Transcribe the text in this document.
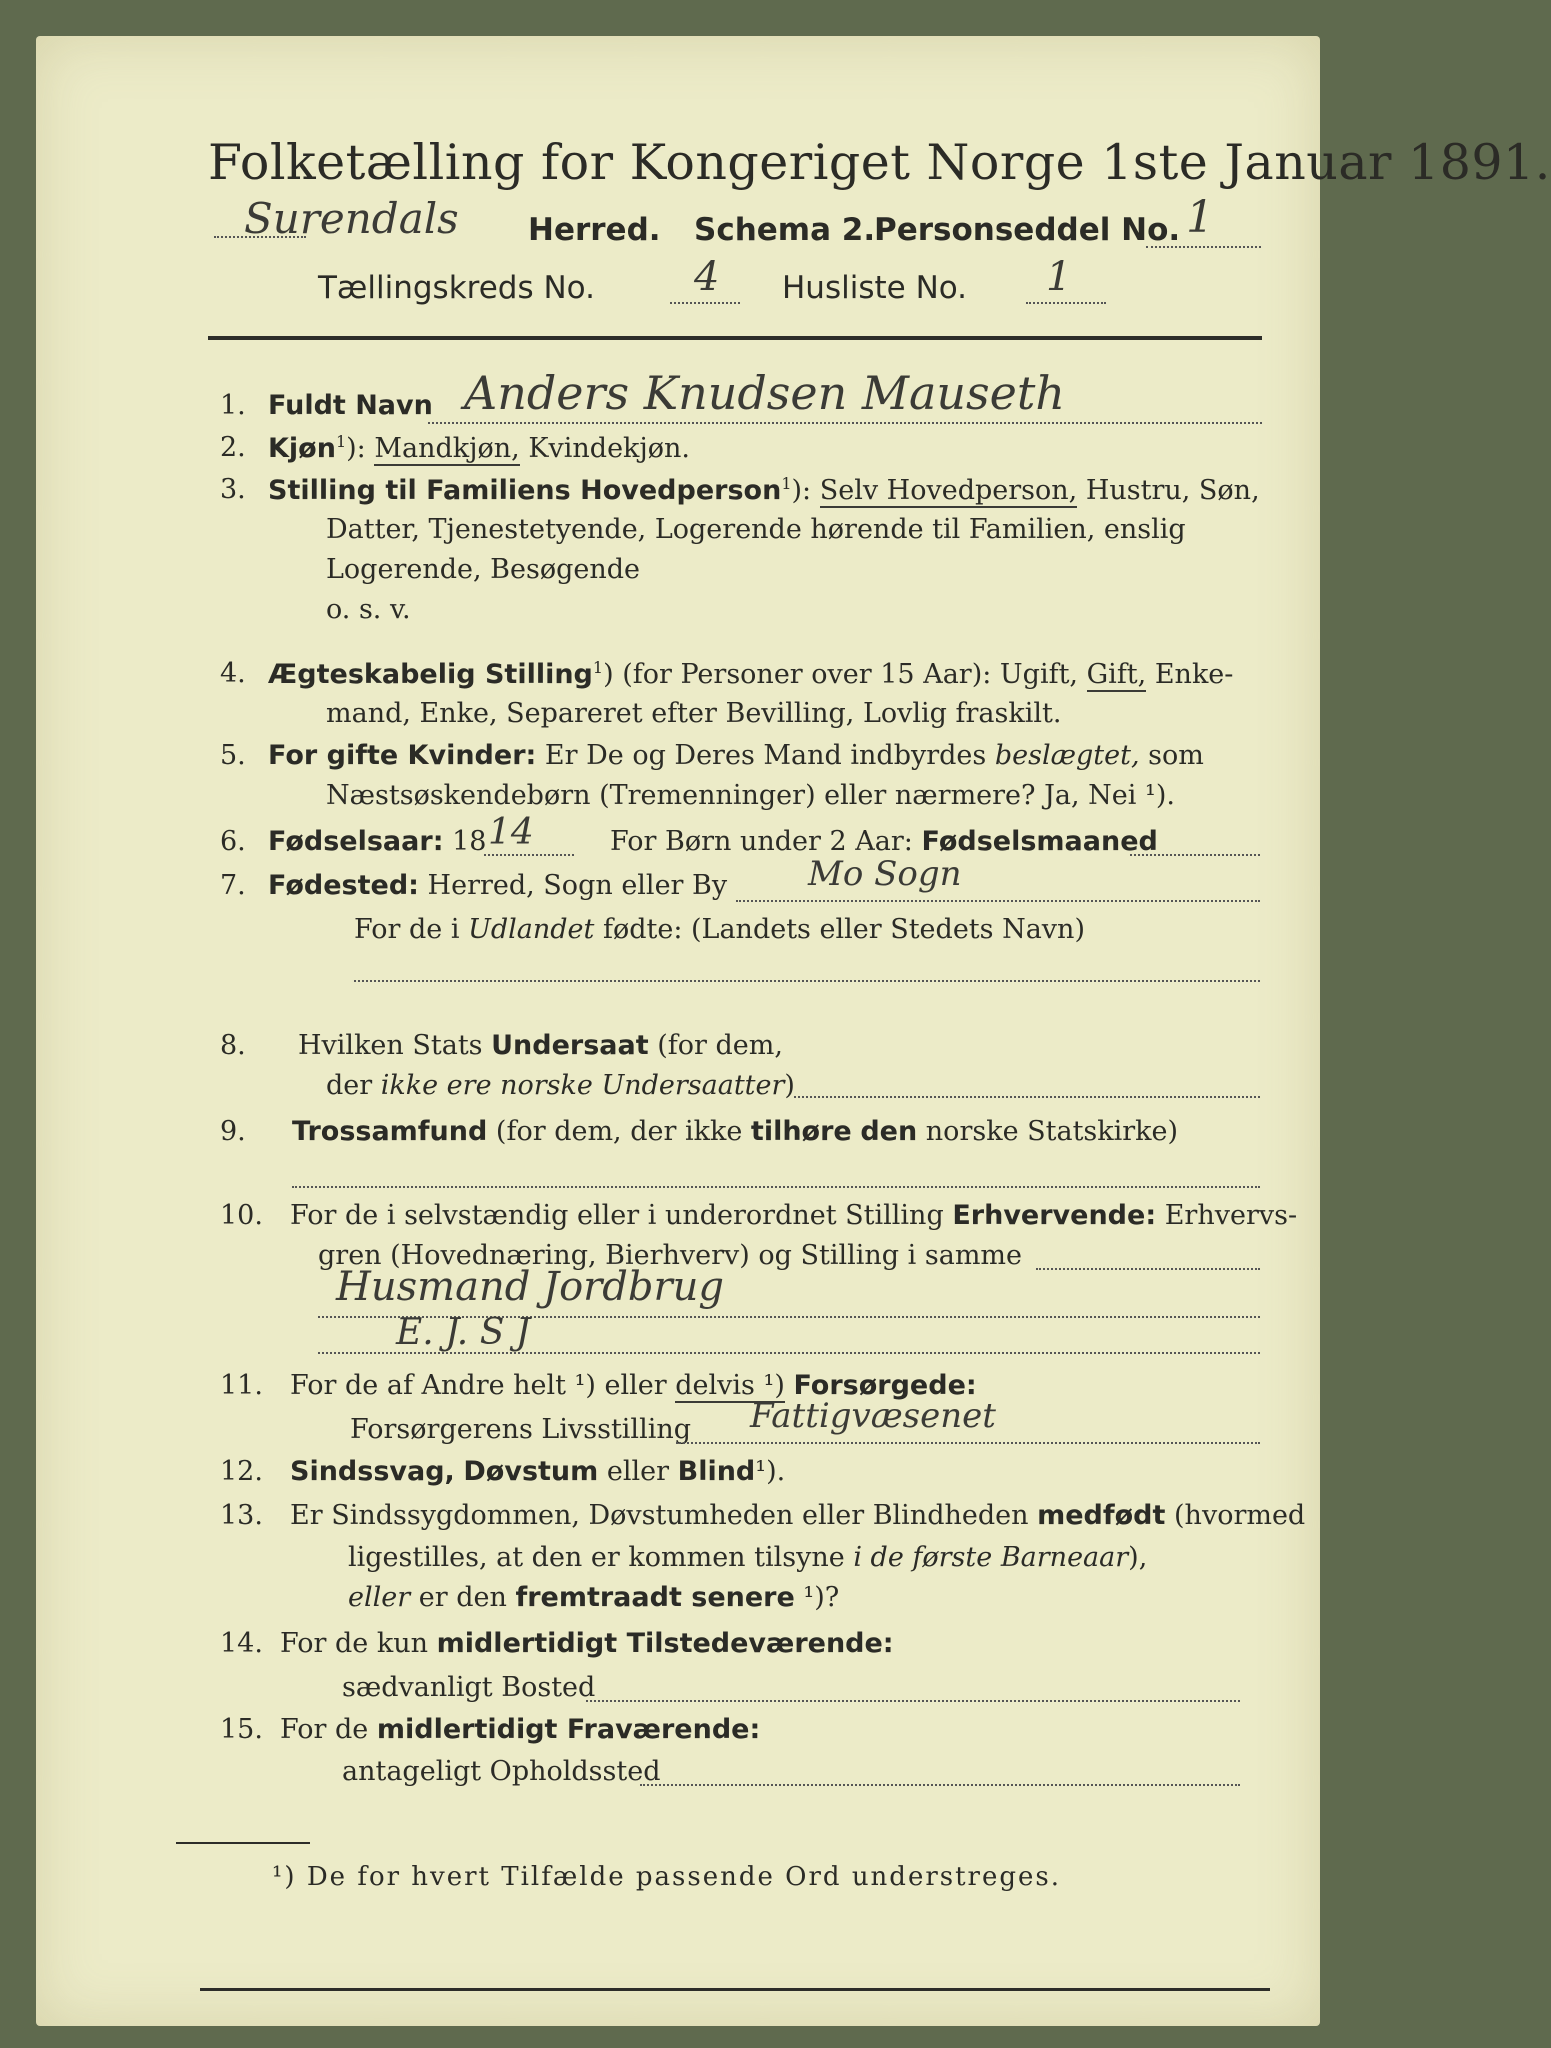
Folketælling for Kongeriget Norge 1ste Januar 1891.
Surendals Herred. Schema 2.
Personseddel No. 1
Tællingskreds No. 4 Husliste No. 1
1. Fuldt Navn Anders Knudsen Mauseth
2. Kjøn$^1$): Mandkjøn, Kvindekjøn.
3. Stilling til Familiens Hovedperson$^1$): Selv Hovedperson, Hustru, Søn,
Datter, Tjenestetyende, Logerende hørende til Familien, enslig
Logerende, Besøgende
o. s. v.
4. Ægteskabelig Stilling$^1$) (for Personer over 15 Aar): Ugift, Gift, Enke-
mand, Enke, Separeret efter Bevilling, Lovlig fraskilt.
5. For gifte Kvinder: Er De og Deres Mand indbyrdes beslægtet, som
Næstsøskendebørn (Tremenninger) eller nærmere? Ja, Nei ¹).
6. Fødselsaar: 18 14	For Børn under 2 Aar: Fødselsmaaned
7. Fødested: Herred, Sogn eller By Mo Sogn
For de i Udlandet fødte: (Landets eller Stedets Navn)
8. Hvilken Stats Undersaat (for dem,
der ikke ere norske Undersaatter)
9. Trossamfund (for dem, der ikke tilhøre den norske Statskirke)
10. For de i selvstændig eller i underordnet Stilling Erhvervende: Erhvervs-
gren (Hovednæring, Bierhverv) og Stilling i samme
Husmand Jordbrug
E. J. S J
11. For de af Andre helt ¹) eller delvis ¹) Forsørgede:
Forsørgerens Livsstilling Fattigvæsenet
12. Sindssvag, Døvstum eller Blind¹).
13. Er Sindssygdommen, Døvstumheden eller Blindheden medfødt (hvormed
ligestilles, at den er kommen tilsyne i de første Barneaar),
eller er den fremtraadt senere ¹)?
14. For de kun midlertidigt Tilstedeværende:
sædvanligt Bosted
15. For de midlertidigt Fraværende:
antageligt Opholdssted
¹) De for hvert Tilfælde passende Ord understreges.
